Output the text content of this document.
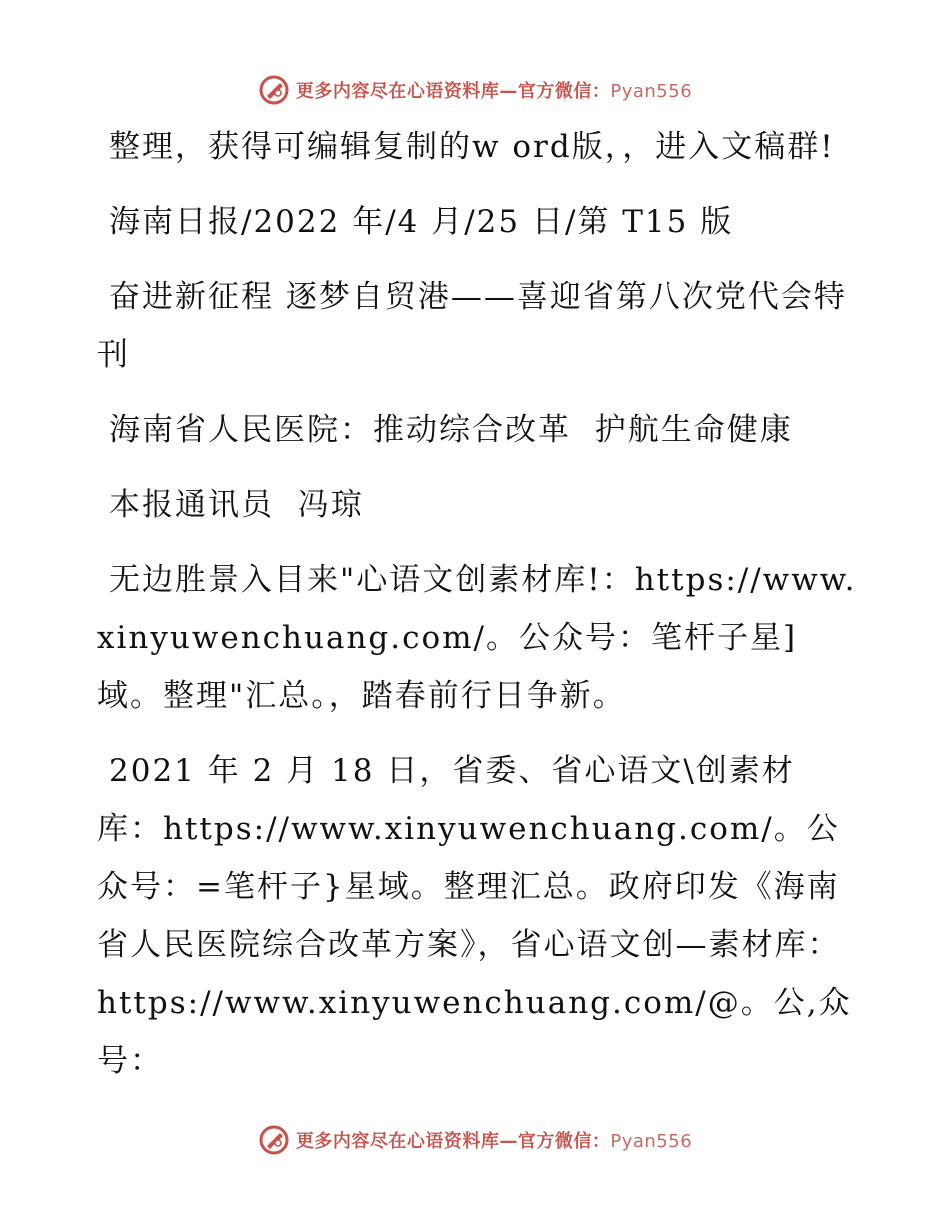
更多内容尽在心语资料库—官方微信：Pyan556

整理，获得可编辑复制的w ord版，，进入文稿群!

海南日报/2022 年/4 月/25 日/第 T15 版

奋进新征程 逐梦自贸港——喜迎省第八次党代会特刊

海南省人民医院：推动综合改革  护航生命健康

本报通讯员  冯琼

无边胜景入目来"心语文创素材库!：https://www.xinyuwenchuang.com/。公众号：笔杆子星]域。整理"汇总。，踏春前行日争新。

2021 年 2 月 18 日，省委、省心语文\创素材库：https://www.xinyuwenchuang.com/。公众号：=笔杆子}星域。整理汇总。政府印发《海南省人民医院综合改革方案》，省心语文创—素材库：https://www.xinyuwenchuang.com/@。公,众号：

更多内容尽在心语资料库—官方微信：Pyan556
